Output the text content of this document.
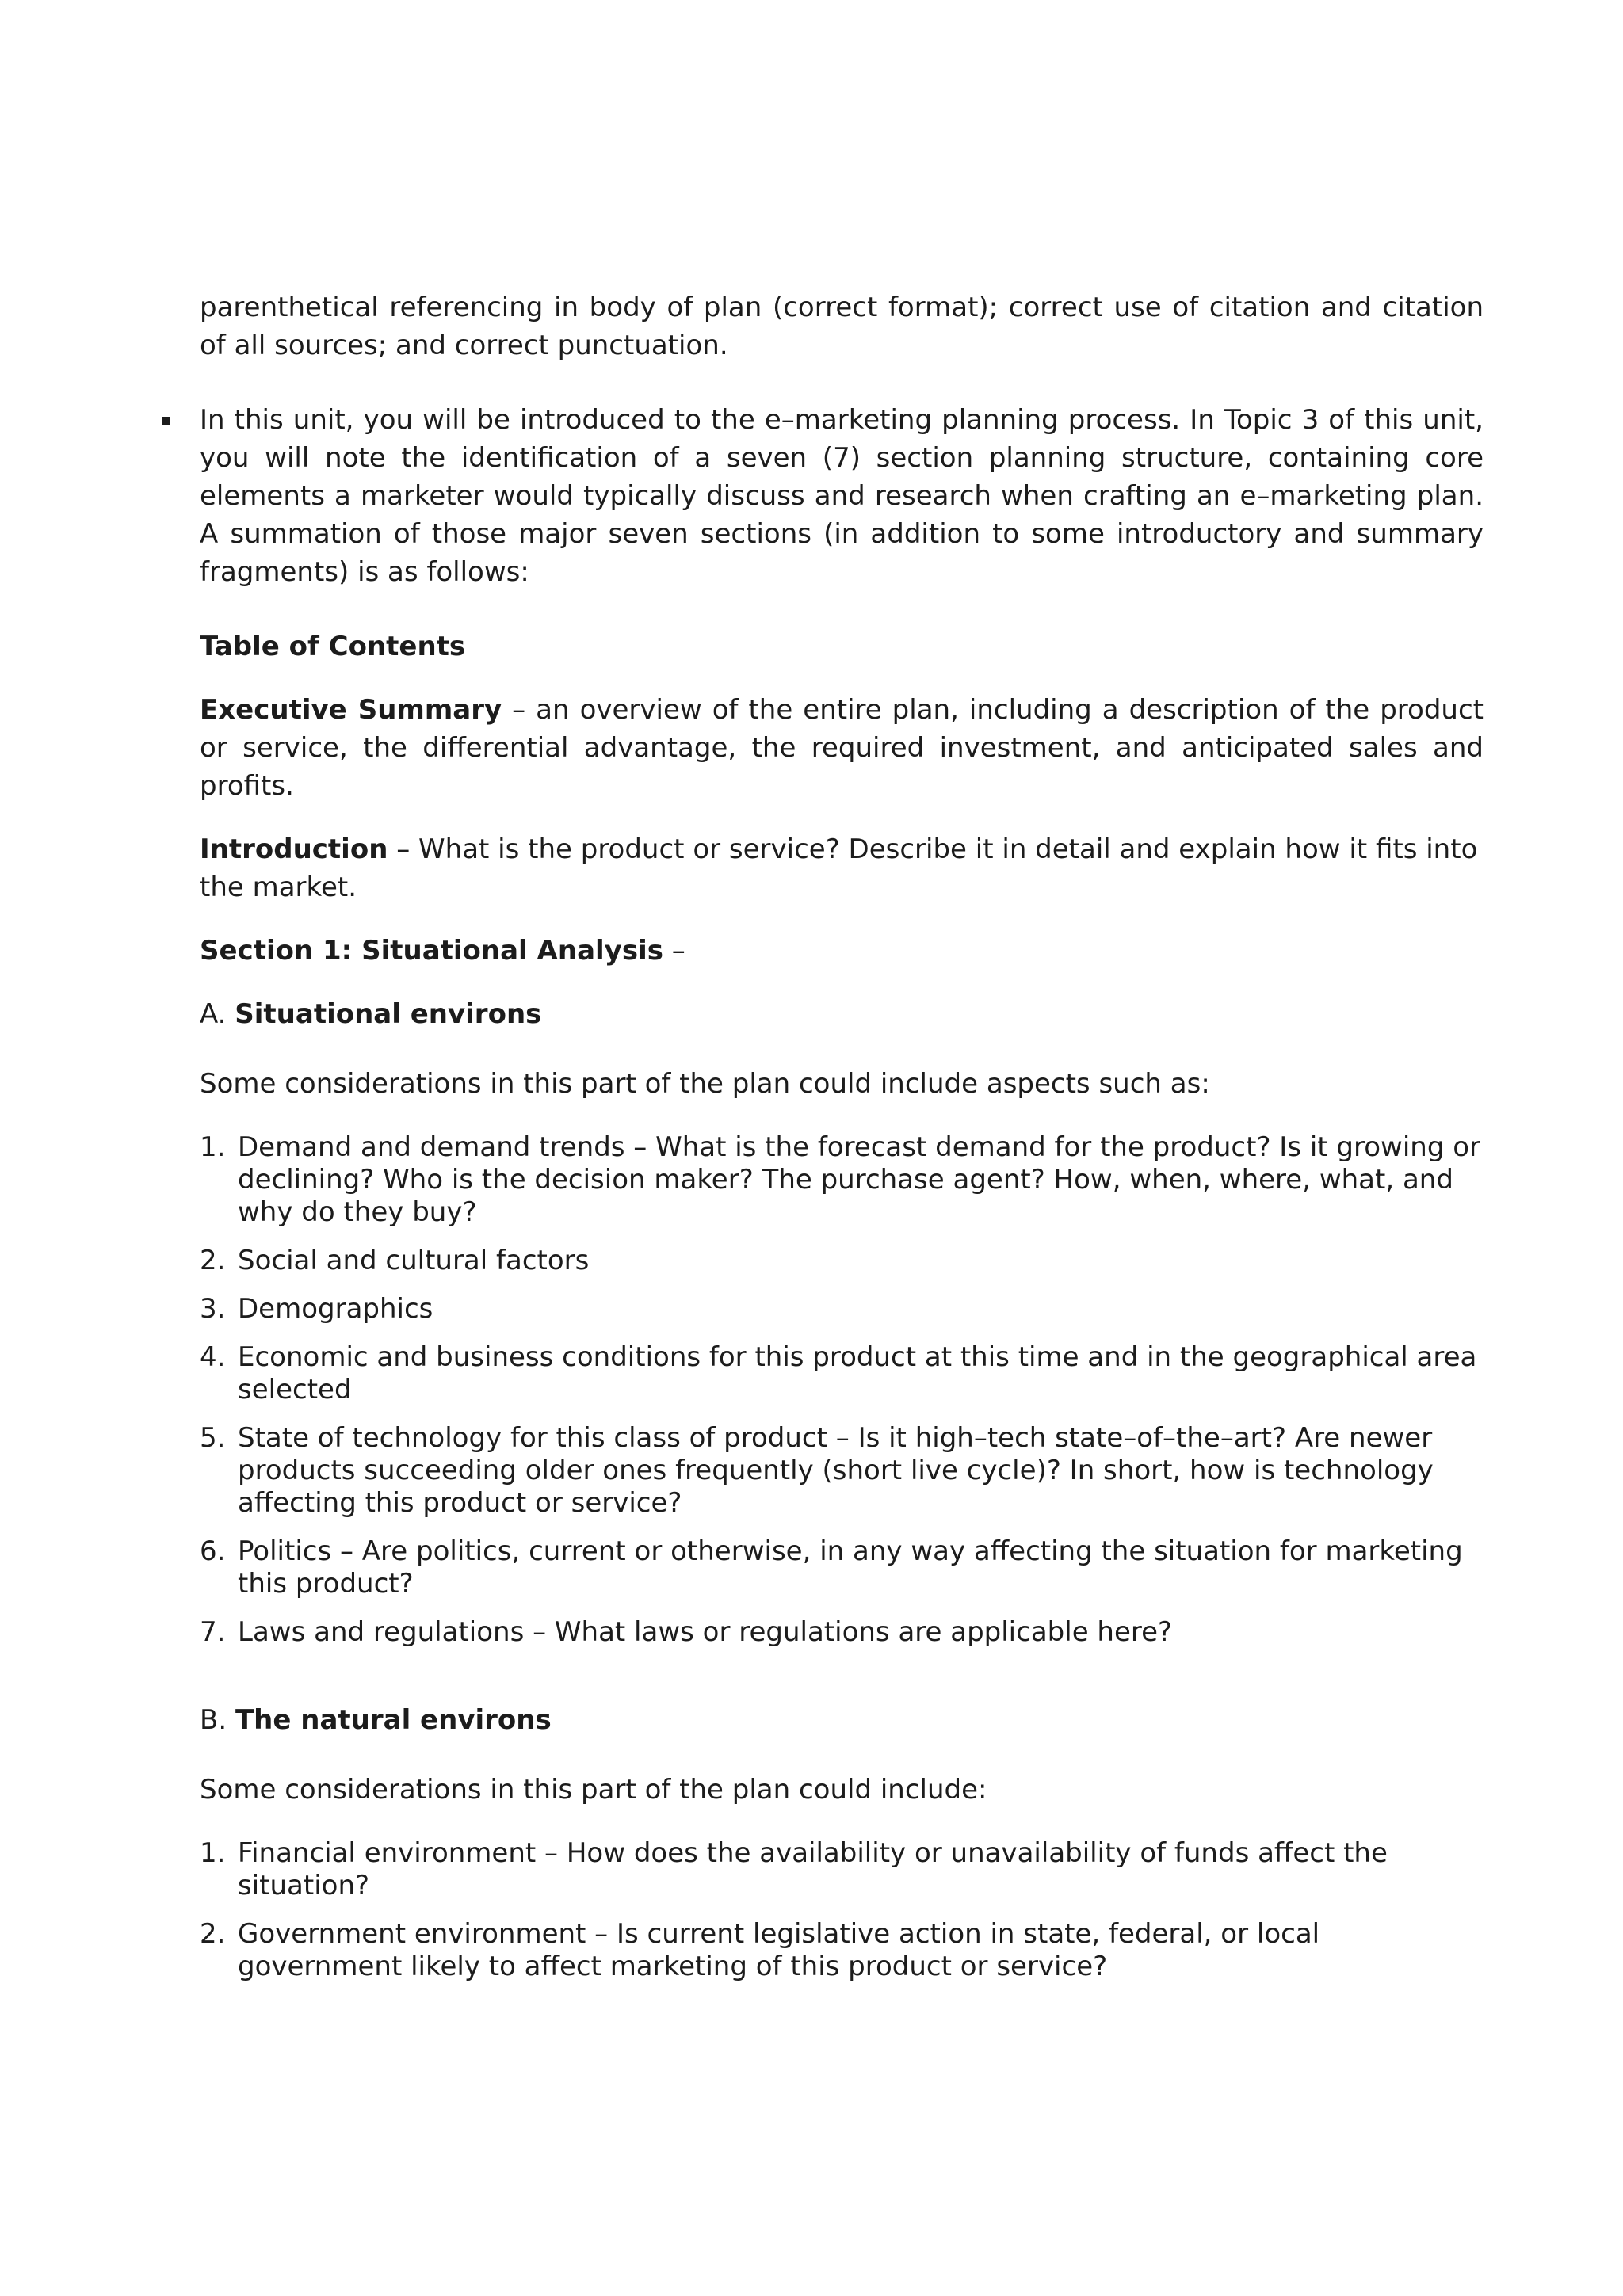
parenthetical referencing in body of plan (correct format); correct use of citation and citation of all sources; and correct punctuation.

In this unit, you will be introduced to the e–marketing planning process. In Topic 3 of this unit, you will note the identification of a seven (7) section planning structure, containing core elements a marketer would typically discuss and research when crafting an e–marketing plan. A summation of those major seven sections (in addition to some introductory and summary fragments) is as follows:

Table of Contents

Executive Summary – an overview of the entire plan, including a description of the product or service, the differential advantage, the required investment, and anticipated sales and profits.

Introduction – What is the product or service? Describe it in detail and explain how it fits into the market.

Section 1: Situational Analysis –

A. Situational environs

Some considerations in this part of the plan could include aspects such as:

1. Demand and demand trends – What is the forecast demand for the product? Is it growing or declining? Who is the decision maker? The purchase agent? How, when, where, what, and why do they buy?
2. Social and cultural factors
3. Demographics
4. Economic and business conditions for this product at this time and in the geographical area selected
5. State of technology for this class of product – Is it high–tech state–of–the–art? Are newer products succeeding older ones frequently (short live cycle)? In short, how is technology affecting this product or service?
6. Politics – Are politics, current or otherwise, in any way affecting the situation for marketing this product?
7. Laws and regulations – What laws or regulations are applicable here?

B. The natural environs

Some considerations in this part of the plan could include:

1. Financial environment – How does the availability or unavailability of funds affect the situation?
2. Government environment – Is current legislative action in state, federal, or local government likely to affect marketing of this product or service?
